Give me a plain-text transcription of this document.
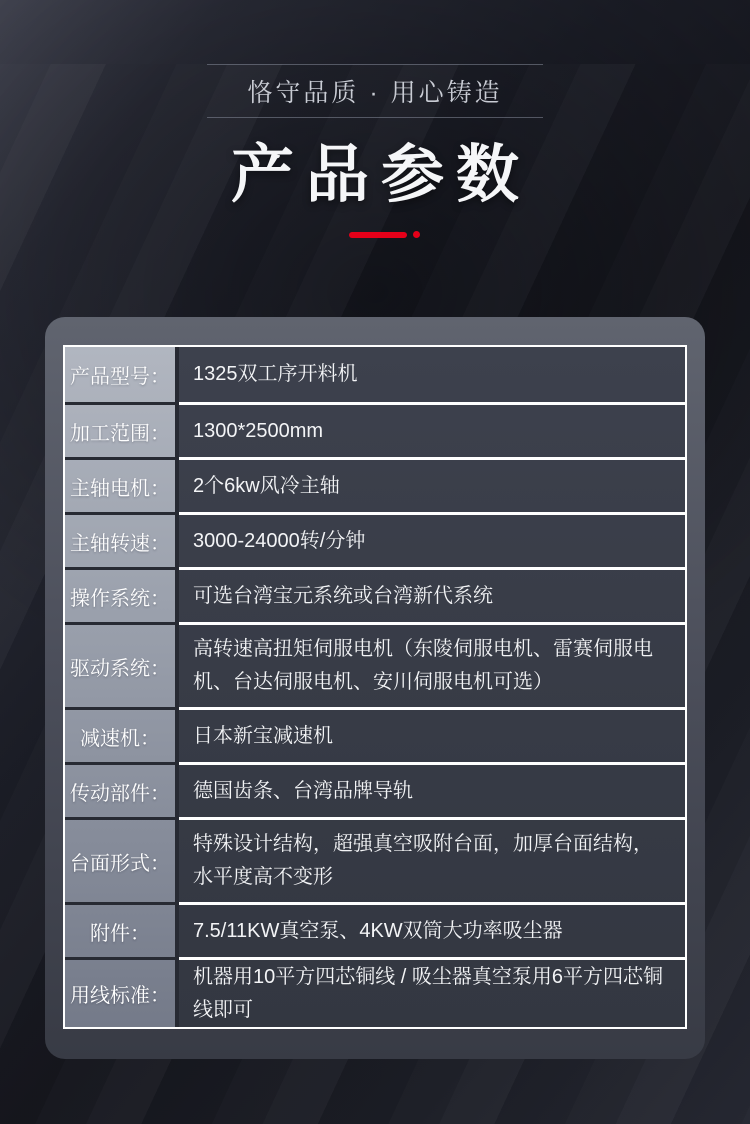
恪守品质 · 用心铸造
产品参数
产品型号：	1325双工序开料机
加工范围：	1300*2500mm
主轴电机：	2个6kw风冷主轴
主轴转速：	3000-24000转/分钟
操作系统：	可选台湾宝元系统或台湾新代系统
驱动系统：
高转速高扭矩伺服电机（东陵伺服电机、雷赛伺服电机、台达伺服电机、安川伺服电机可选）
减速机：	日本新宝减速机
传动部件：	德国齿条、台湾品牌导轨
台面形式：
特殊设计结构，超强真空吸附台面，加厚台面结构，水平度高不变形
附件：	7.5/11KW真空泵、4KW双筒大功率吸尘器
用线标准：
机器用10平方四芯铜线 / 吸尘器真空泵用6平方四芯铜线即可
